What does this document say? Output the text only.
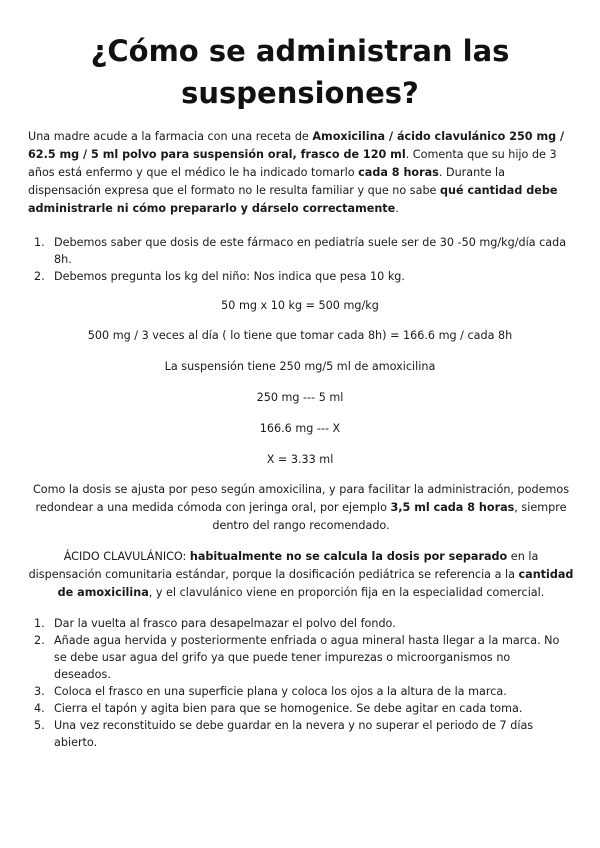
¿Cómo se administran las suspensiones?

Una madre acude a la farmacia con una receta de Amoxicilina / ácido clavulánico 250 mg / 62.5 mg / 5 ml polvo para suspensión oral, frasco de 120 ml. Comenta que su hijo de 3 años está enfermo y que el médico le ha indicado tomarlo cada 8 horas. Durante la dispensación expresa que el formato no le resulta familiar y que no sabe qué cantidad debe administrarle ni cómo prepararlo y dárselo correctamente.

1. Debemos saber que dosis de este fármaco en pediatría suele ser de 30 -50 mg/kg/día cada 8h.
2. Debemos pregunta los kg del niño: Nos indica que pesa 10 kg.
50 mg x 10 kg = 500 mg/kg
500 mg / 3 veces al día ( lo tiene que tomar cada 8h) = 166.6 mg / cada 8h
La suspensión tiene 250 mg/5 ml de amoxicilina
250 mg --- 5 ml
166.6 mg --- X
X = 3.33 ml

Como la dosis se ajusta por peso según amoxicilina, y para facilitar la administración, podemos redondear a una medida cómoda con jeringa oral, por ejemplo 3,5 ml cada 8 horas, siempre dentro del rango recomendado.

ÁCIDO CLAVULÁNICO: habitualmente no se calcula la dosis por separado en la dispensación comunitaria estándar, porque la dosificación pediátrica se referencia a la cantidad de amoxicilina, y el clavulánico viene en proporción fija en la especialidad comercial.

1. Dar la vuelta al frasco para desapelmazar el polvo del fondo.
2. Añade agua hervida y posteriormente enfriada o agua mineral hasta llegar a la marca. No se debe usar agua del grifo ya que puede tener impurezas o microorganismos no deseados.
3. Coloca el frasco en una superficie plana y coloca los ojos a la altura de la marca.
4. Cierra el tapón y agita bien para que se homogenice. Se debe agitar en cada toma.
5. Una vez reconstituido se debe guardar en la nevera y no superar el periodo de 7 días abierto.
